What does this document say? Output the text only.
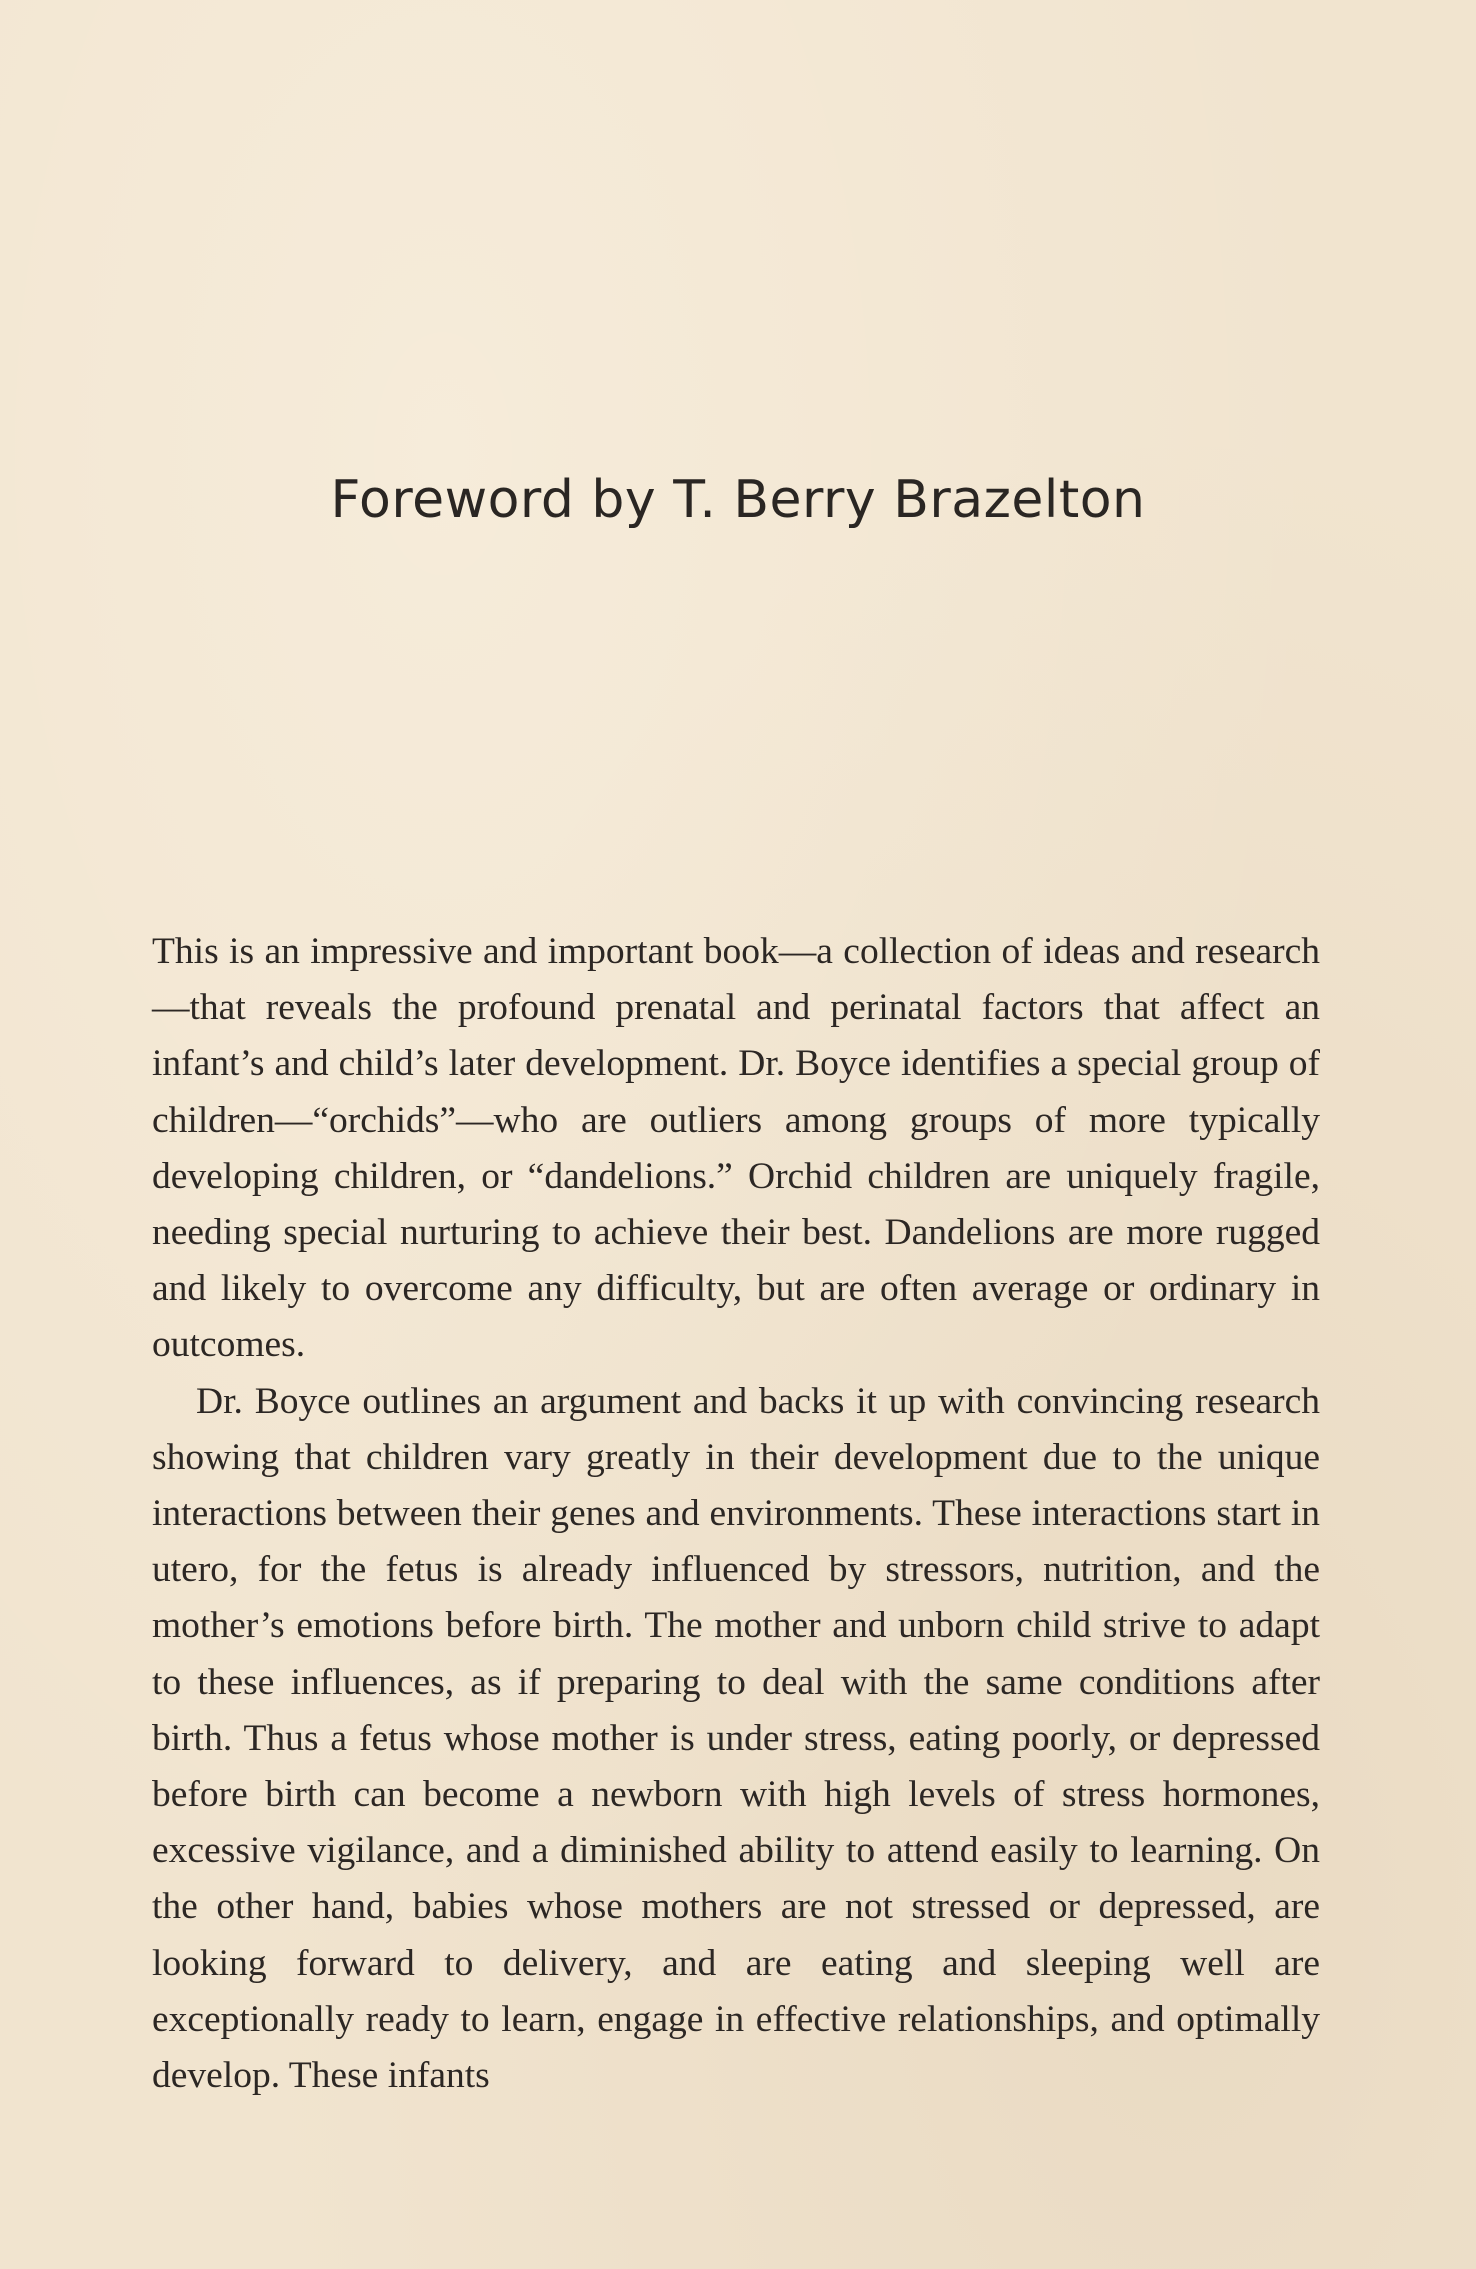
Foreword by T. Berry Brazelton

This is an impressive and important book—a collection of ideas and research—that reveals the profound prenatal and perinatal factors that affect an infant’s and child’s later development. Dr. Boyce identifies a special group of children—“orchids”—who are outliers among groups of more typically developing children, or “dandelions.” Orchid children are uniquely fragile, needing special nurturing to achieve their best. Dandelions are more rugged and likely to overcome any difficulty, but are often average or ordinary in outcomes.

Dr. Boyce outlines an argument and backs it up with convincing research showing that children vary greatly in their development due to the unique interactions between their genes and environments. These interactions start in utero, for the fetus is already influenced by stressors, nutrition, and the mother’s emotions before birth. The mother and unborn child strive to adapt to these influences, as if preparing to deal with the same conditions after birth. Thus a fetus whose mother is under stress, eating poorly, or depressed before birth can become a newborn with high levels of stress hormones, excessive vigilance, and a diminished ability to attend easily to learning. On the other hand, babies whose mothers are not stressed or depressed, are looking forward to delivery, and are eating and sleeping well are exceptionally ready to learn, engage in effective relationships, and optimally develop. These infants
